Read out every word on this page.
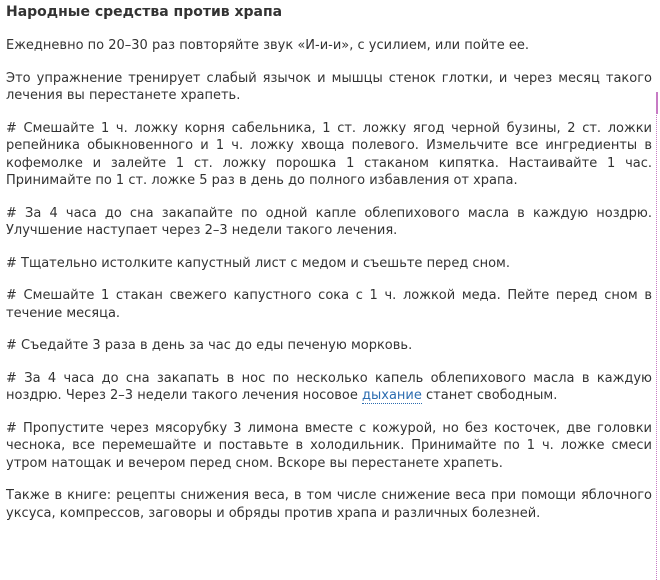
Народные средства против храпа

Ежедневно по 20–30 раз повторяйте звук «И-и-и», с усилием, или пойте ее.

Это упражнение тренирует слабый язычок и мышцы стенок глотки, и через месяц такого лечения вы перестанете храпеть.

# Смешайте 1 ч. ложку корня сабельника, 1 ст. ложку ягод черной бузины, 2 ст. ложки репейника обыкновенного и 1 ч. ложку хвоща полевого. Измельчите все ингредиенты в кофемолке и залейте 1 ст. ложку порошка 1 стаканом кипятка. Настаивайте 1 час. Принимайте по 1 ст. ложке 5 раз в день до полного избавления от храпа.

# За 4 часа до сна закапайте по одной капле облепихового масла в каждую ноздрю. Улучшение наступает через 2–3 недели такого лечения.

# Тщательно истолките капустный лист с медом и съешьте перед сном.

# Смешайте 1 стакан свежего капустного сока с 1 ч. ложкой меда. Пейте перед сном в течение месяца.

# Съедайте 3 раза в день за час до еды печеную морковь.

# За 4 часа до сна закапать в нос по несколько капель облепихового масла в каждую ноздрю. Через 2–3 недели такого лечения носовое дыхание станет свободным.

# Пропустите через мясорубку 3 лимона вместе с кожурой, но без косточек, две головки чеснока, все перемешайте и поставьте в холодильник. Принимайте по 1 ч. ложке смеси утром натощак и вечером перед сном. Вскоре вы перестанете храпеть.

Также в книге: рецепты снижения веса, в том числе снижение веса при помощи яблочного уксуса, компрессов, заговоры и обряды против храпа и различных болезней.
